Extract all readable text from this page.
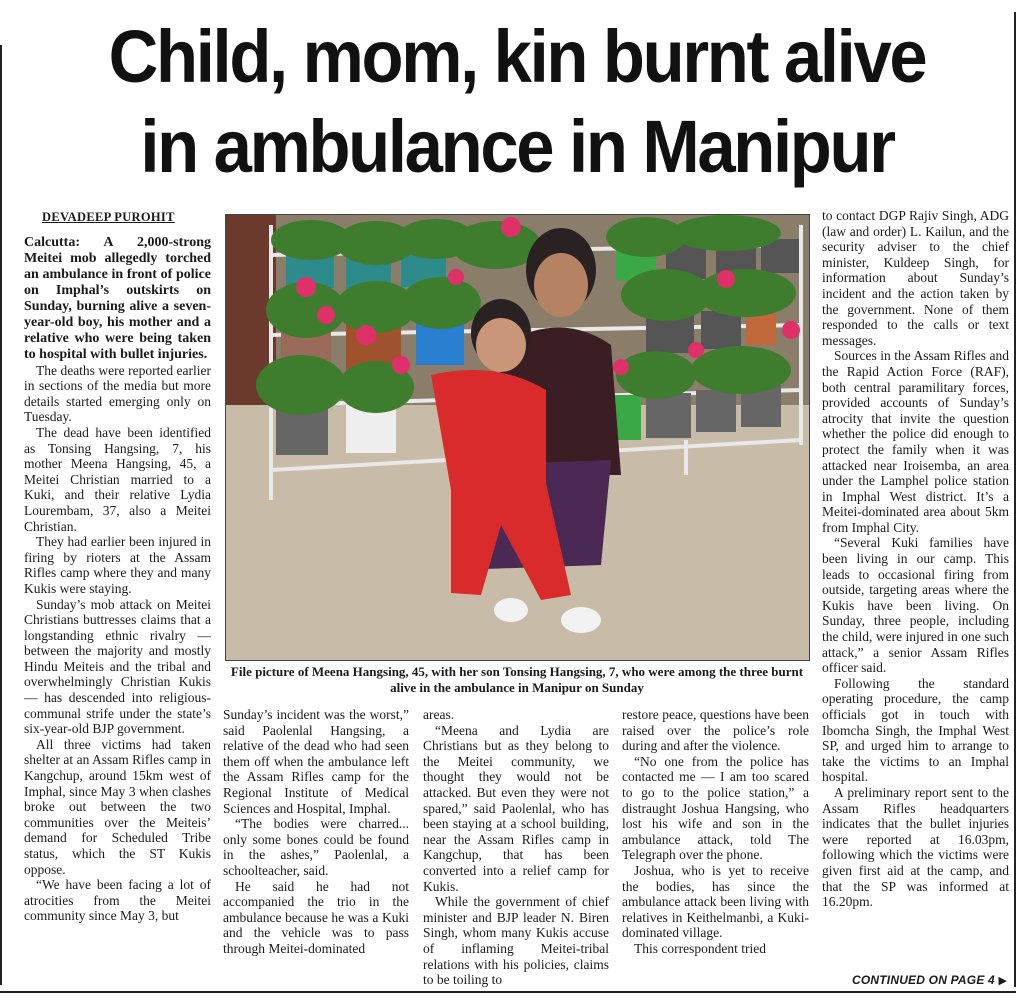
Child, mom, kin burnt alive
in ambulance in Manipur

DEVADEEP PUROHIT

Calcutta: A 2,000-strong Meitei mob allegedly torched an ambulance in front of police on Imphal’s outskirts on Sunday, burning alive a seven-year-old boy, his mother and a relative who were being taken to hospital with bullet injuries.

The deaths were reported earlier in sections of the media but more details started emerging only on Tuesday.

The dead have been identified as Tonsing Hangsing, 7, his mother Meena Hangsing, 45, a Meitei Christian married to a Kuki, and their relative Lydia Lourembam, 37, also a Meitei Christian.

They had earlier been injured in firing by rioters at the Assam Rifles camp where they and many Kukis were staying.

Sunday’s mob attack on Meitei Christians buttresses claims that a longstanding ethnic rivalry — between the majority and mostly Hindu Meiteis and the tribal and overwhelmingly Christian Kukis — has descended into religious-communal strife under the state’s six-year-old BJP government.

All three victims had taken shelter at an Assam Rifles camp in Kangchup, around 15km west of Imphal, since May 3 when clashes broke out between the two communities over the Meiteis’ demand for Scheduled Tribe status, which the ST Kukis oppose.

“We have been facing a lot of atrocities from the Meitei community since May 3, but

File picture of Meena Hangsing, 45, with her son Tonsing Hangsing, 7, who were among the three burnt alive in the ambulance in Manipur on Sunday

Sunday’s incident was the worst,” said Paolenlal Hangsing, a relative of the dead who had seen them off when the ambulance left the Assam Rifles camp for the Regional Institute of Medical Sciences and Hospital, Imphal.

“The bodies were charred... only some bones could be found in the ashes,” Paolenlal, a schoolteacher, said.

He said he had not accompanied the trio in the ambulance because he was a Kuki and the vehicle was to pass through Meitei-dominated

areas.

“Meena and Lydia are Christians but as they belong to the Meitei community, we thought they would not be attacked. But even they were not spared,” said Paolenlal, who has been staying at a school building, near the Assam Rifles camp in Kangchup, that has been converted into a relief camp for Kukis.

While the government of chief minister and BJP leader N. Biren Singh, whom many Kukis accuse of inflaming Meitei-tribal relations with his policies, claims to be toiling to

restore peace, questions have been raised over the police’s role during and after the violence.

“No one from the police has contacted me — I am too scared to go to the police station,” a distraught Joshua Hangsing, who lost his wife and son in the ambulance attack, told The Telegraph over the phone.

Joshua, who is yet to receive the bodies, has since the ambulance attack been living with relatives in Keithelmanbi, a Kuki-dominated village.

This correspondent tried

to contact DGP Rajiv Singh, ADG (law and order) L. Kailun, and the security adviser to the chief minister, Kuldeep Singh, for information about Sunday’s incident and the action taken by the government. None of them responded to the calls or text messages.

Sources in the Assam Rifles and the Rapid Action Force (RAF), both central paramilitary forces, provided accounts of Sunday’s atrocity that invite the question whether the police did enough to protect the family when it was attacked near Iroisemba, an area under the Lamphel police station in Imphal West district. It’s a Meitei-dominated area about 5km from Imphal City.

“Several Kuki families have been living in our camp. This leads to occasional firing from outside, targeting areas where the Kukis have been living. On Sunday, three people, including the child, were injured in one such attack,” a senior Assam Rifles officer said.

Following the standard operating procedure, the camp officials got in touch with Ibomcha Singh, the Imphal West SP, and urged him to arrange to take the victims to an Imphal hospital.

A preliminary report sent to the Assam Rifles headquarters indicates that the bullet injuries were reported at 16.03pm, following which the victims were given first aid at the camp, and that the SP was informed at 16.20pm.

CONTINUED ON PAGE 4 ▶
